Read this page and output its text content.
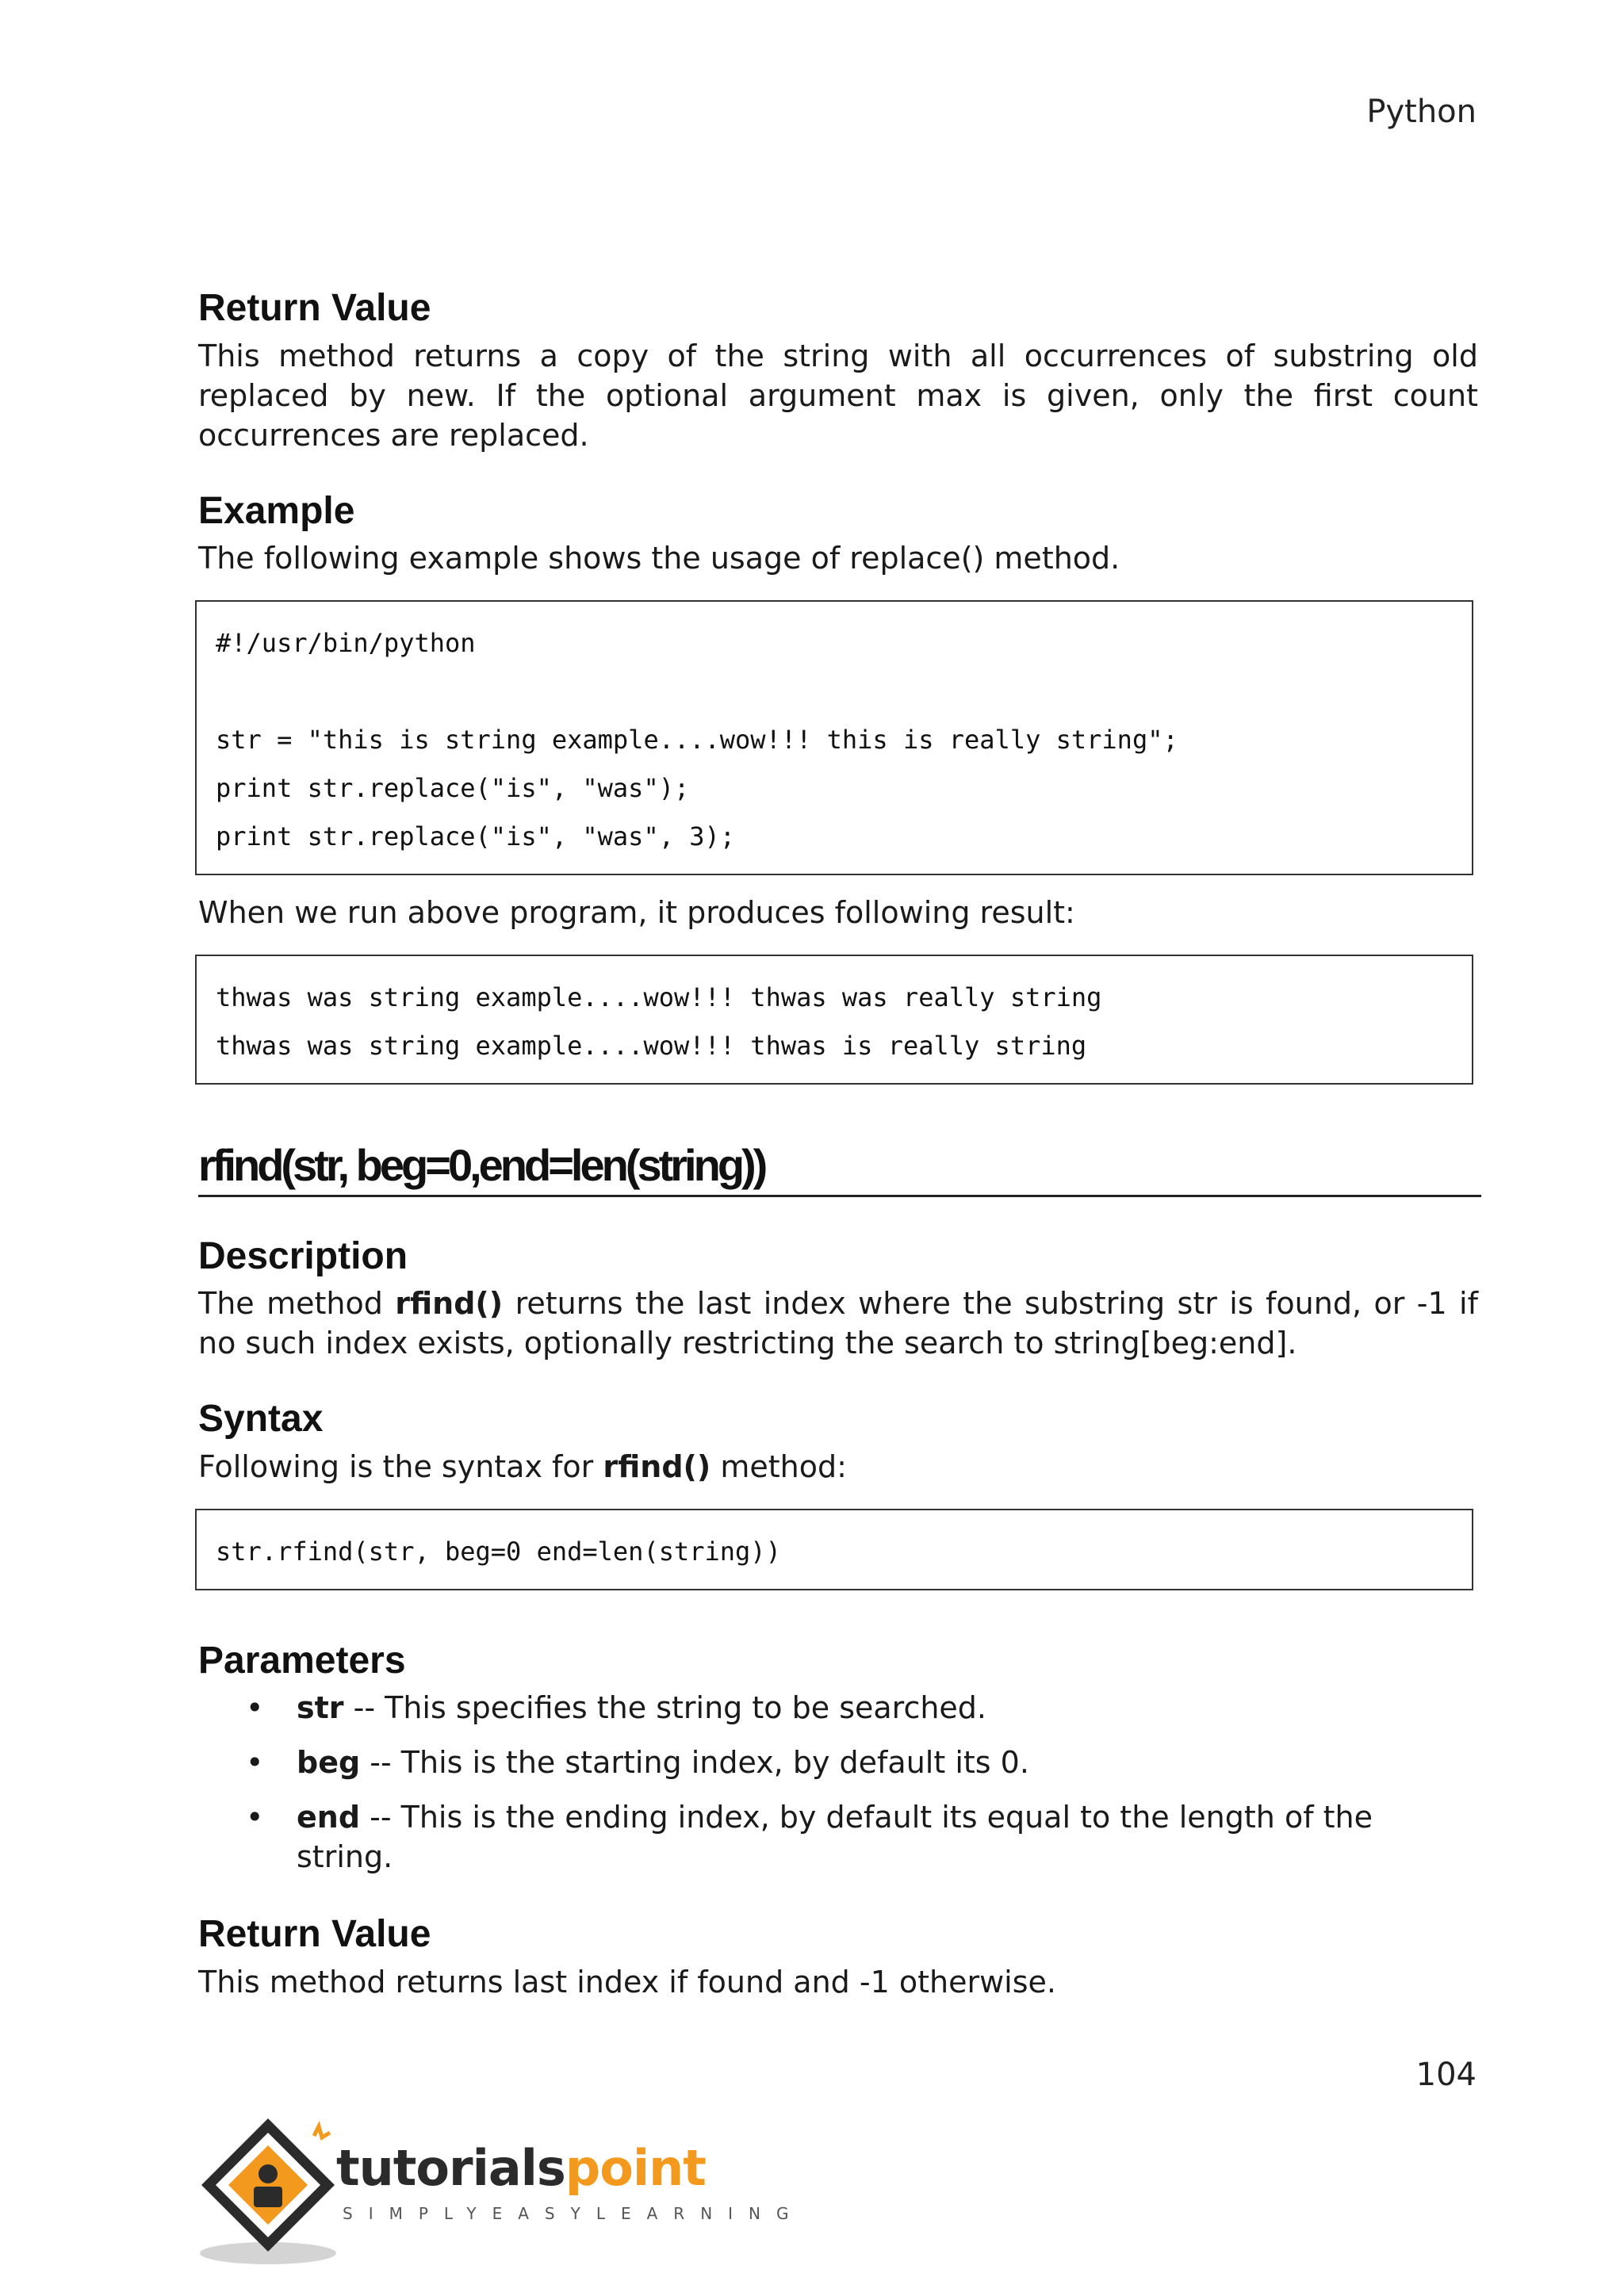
Python
Return Value

This method returns a copy of the string with all occurrences of substring old replaced by new. If the optional argument max is given, only the first count occurrences are replaced.

Example

The following example shows the usage of replace() method.

#!/usr/bin/python
str = "this is string example....wow!!! this is really string";
print str.replace("is", "was");
print str.replace("is", "was", 3);

When we run above program, it produces following result:

thwas was string example....wow!!! thwas was really string
thwas was string example....wow!!! thwas is really string
rfind(str, beg=0,end=len(string))
Description

The method rfind() returns the last index where the substring str is found, or -1 if no such index exists, optionally restricting the search to string[beg:end].

Syntax

Following is the syntax for rfind() method:

str.rfind(str, beg=0 end=len(string))
Parameters
• str -- This specifies the string to be searched.
• beg -- This is the starting index, by default its 0.
• end -- This is the ending index, by default its equal to the length of the string.
Return Value

This method returns last index if found and -1 otherwise.

104
tutorialspoint
SIMPLYEASYLEARNING
